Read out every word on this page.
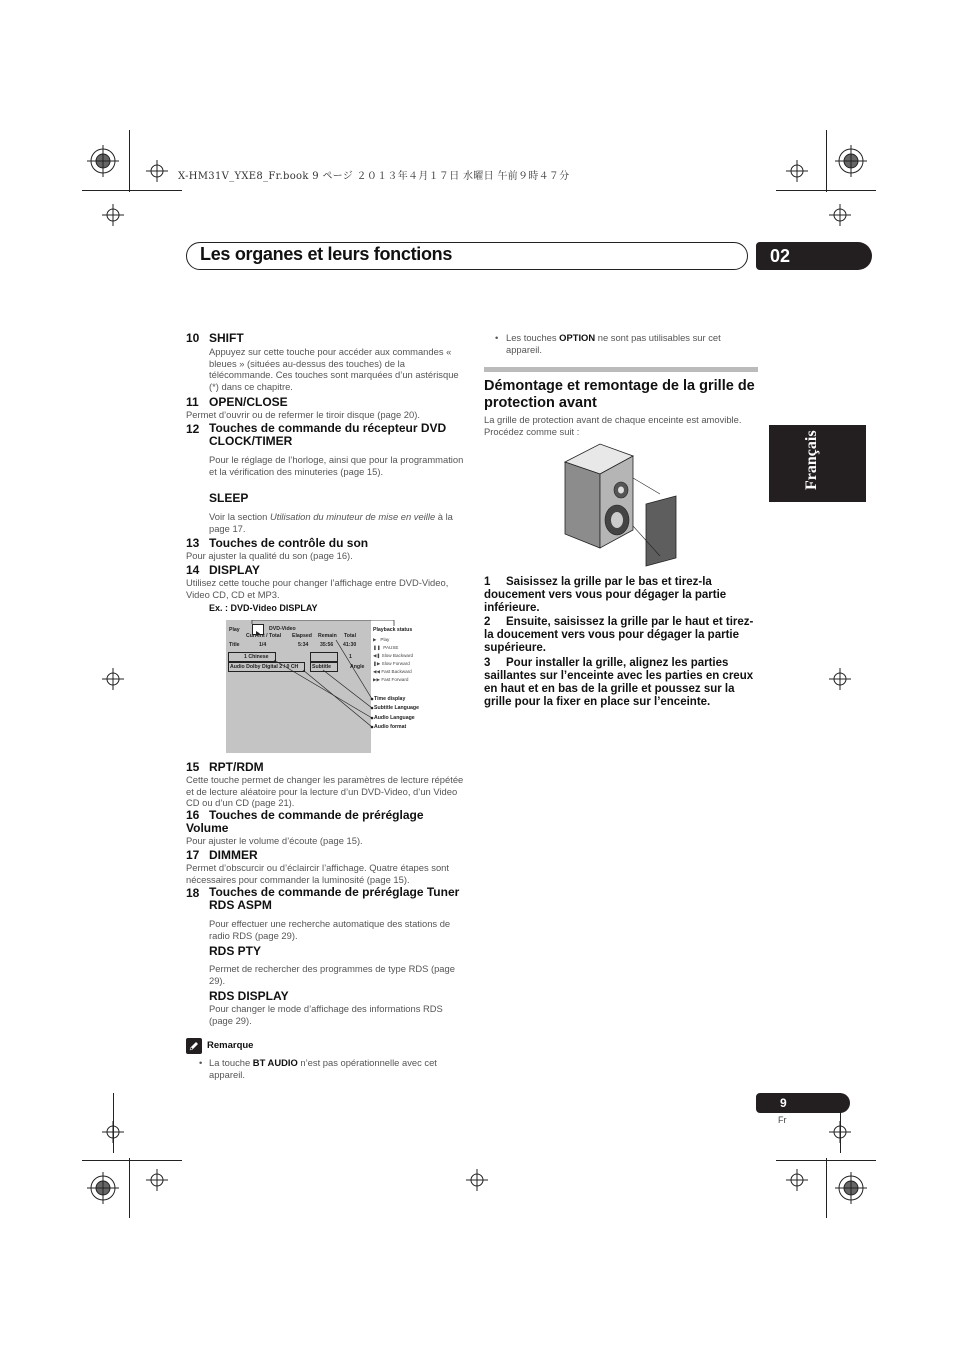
X-HM31V_YXE8_Fr.book 9 ページ ２０１３年４月１７日 水曜日 午前９時４７分
Les organes et leurs fonctions	02
Français
10 SHIFT
Appuyez sur cette touche pour accéder aux commandes « bleues » (situées au-dessus des touches) de la télécommande. Ces touches sont marquées d’un astérisque (*) dans ce chapitre.
11 OPEN/CLOSE
Permet d’ouvrir ou de refermer le tiroir disque (page 20).
12 Touches de commande du récepteur DVD CLOCK/TIMER
Pour le réglage de l’horloge, ainsi que pour la programmation et la vérification des minuteries (page 15).
SLEEP
Voir la section Utilisation du minuteur de mise en veille à la page 17.
13 Touches de contrôle du son
Pour ajuster la qualité du son (page 16).
14 DISPLAY
Utilisez cette touche pour changer l’affichage entre DVD-Video, Video CD, CD et MP3.
Ex. : DVD-Video DISPLAY
Play	DVD-Video
Current / Total Elapsed Remain Total
Title	1/4	5:34 35:56 41:30
1 Chinese	1
Audio Dolby Digital 2 / 0 CH	Subtitle	Angle
Playback status
▶   Play
❚❚  PAUSE
◀❚ Slow Backward
❚▶ Slow Forward
◀◀ Fast Backward
▶▶ Fast Forward
Time display
Subtitle Language
Audio Language
Audio format
15 RPT/RDM
Cette touche permet de changer les paramètres de lecture répétée et de lecture aléatoire pour la lecture d’un DVD-Video, d’un Video CD ou d’un CD (page 21).
16 Touches de commande de préréglage Volume
Pour ajuster le volume d’écoute (page 15).
17 DIMMER
Permet d’obscurcir ou d’éclaircir l’affichage. Quatre étapes sont nécessaires pour commander la luminosité (page 15).
18 Touches de commande de préréglage Tuner RDS ASPM
Pour effectuer une recherche automatique des stations de radio RDS (page 29).
RDS PTY
Permet de rechercher des programmes de type RDS (page 29).
RDS DISPLAY
Pour changer le mode d’affichage des informations RDS (page 29).
Remarque
• La touche BT AUDIO n’est pas opérationnelle avec cet appareil.
• Les touches OPTION ne sont pas utilisables sur cet appareil.
Démontage et remontage de la grille de protection avant
La grille de protection avant de chaque enceinte est amovible. Procédez comme suit :
1 Saisissez la grille par le bas et tirez-la doucement vers vous pour dégager la partie inférieure.
2 Ensuite, saisissez la grille par le haut et tirez-la doucement vers vous pour dégager la partie supérieure.
3 Pour installer la grille, alignez les parties saillantes sur l’enceinte avec les parties en creux en haut et en bas de la grille et poussez sur la grille pour la fixer en place sur l’enceinte.
9
Fr
